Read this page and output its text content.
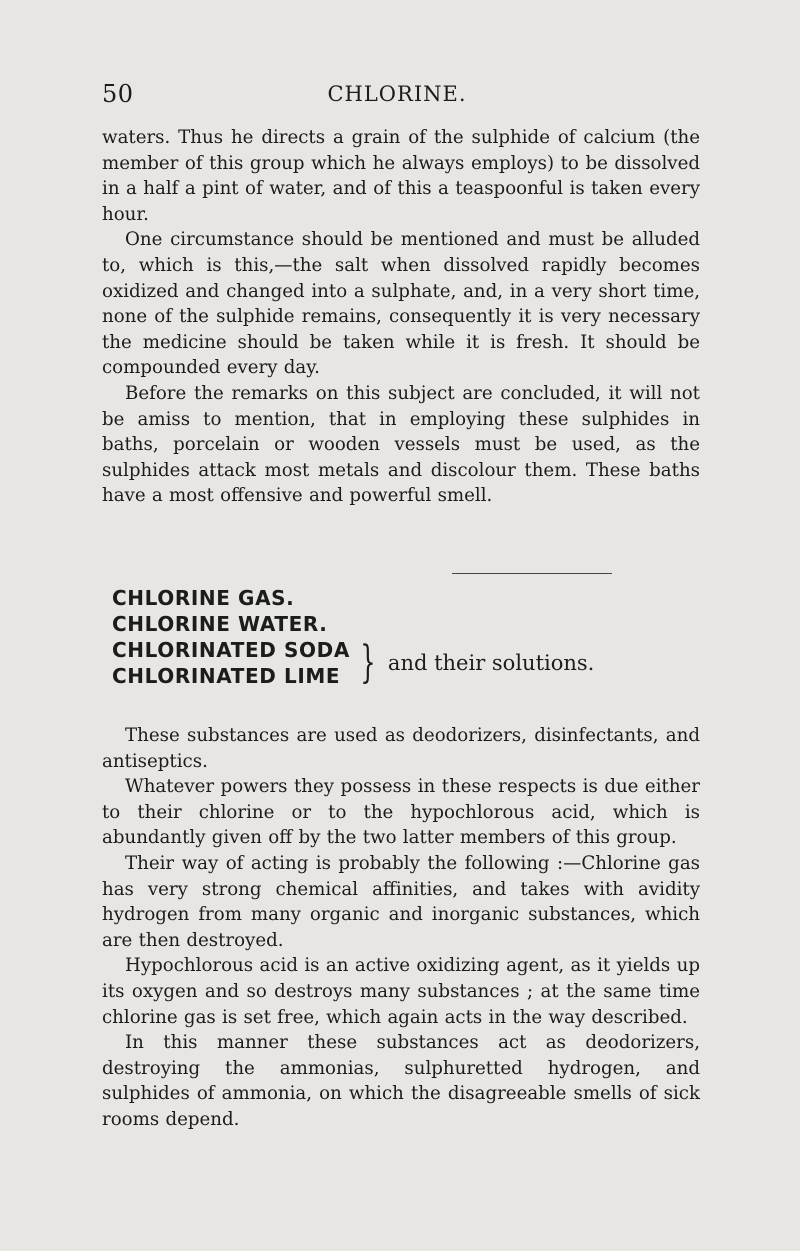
50	CHLORINE.

waters. Thus he directs a grain of the sulphide of calcium (the member of this group which he always employs) to be dissolved in a half a pint of water, and of this a teaspoonful is taken every hour.

One circumstance should be mentioned and must be alluded to, which is this,—the salt when dissolved rapidly becomes oxidized and changed into a sulphate, and, in a very short time, none of the sulphide remains, consequently it is very necessary the medicine should be taken while it is fresh. It should be compounded every day.

Before the remarks on this subject are concluded, it will not be amiss to mention, that in employing these sulphides in baths, porcelain or wooden vessels must be used, as the sulphides attack most metals and discolour them. These baths have a most offensive and powerful smell.

CHLORINE GAS.
CHLORINE WATER.
CHLORINATED SODA
CHLORINATED LIME } and their solutions.

These substances are used as deodorizers, disinfectants, and antiseptics.

Whatever powers they possess in these respects is due either to their chlorine or to the hypochlorous acid, which is abundantly given off by the two latter members of this group.

Their way of acting is probably the following :—Chlorine gas has very strong chemical affinities, and takes with avidity hydrogen from many organic and inorganic substances, which are then destroyed.

Hypochlorous acid is an active oxidizing agent, as it yields up its oxygen and so destroys many substances ; at the same time chlorine gas is set free, which again acts in the way described.

In this manner these substances act as deodorizers, destroying the ammonias, sulphuretted hydrogen, and sulphides of ammonia, on which the disagreeable smells of sick rooms depend.
